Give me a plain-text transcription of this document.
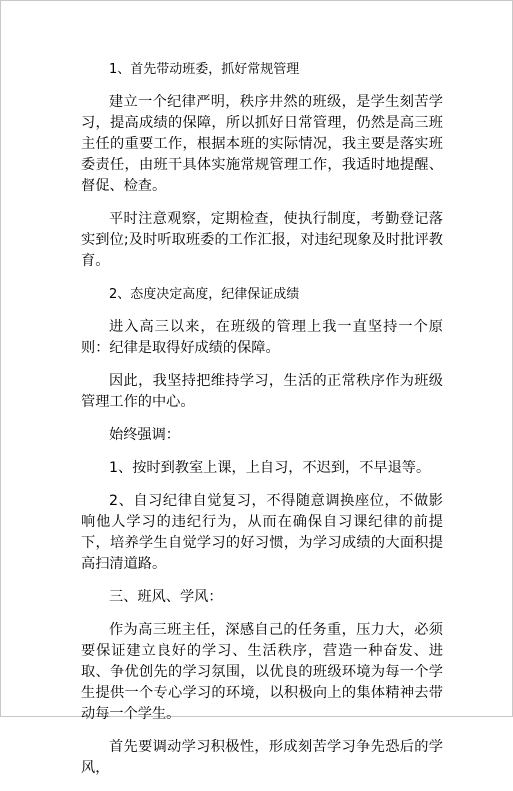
1、首先带动班委，抓好常规管理

建立一个纪律严明，秩序井然的班级，是学生刻苦学习，提高成绩的保障，所以抓好日常管理，仍然是高三班主任的重要工作，根据本班的实际情况，我主要是落实班委责任，由班干具体实施常规管理工作，我适时地提醒、督促、检查。

平时注意观察，定期检查，使执行制度，考勤登记落实到位;及时听取班委的工作汇报，对违纪现象及时批评教育。

2、态度决定高度，纪律保证成绩

进入高三以来，在班级的管理上我一直坚持一个原则：纪律是取得好成绩的保障。

因此，我坚持把维持学习，生活的正常秩序作为班级管理工作的中心。

始终强调：

1、按时到教室上课，上自习，不迟到，不早退等。

2、自习纪律自觉复习，不得随意调换座位，不做影响他人学习的违纪行为，从而在确保自习课纪律的前提下，培养学生自觉学习的好习惯，为学习成绩的大面积提高扫清道路。

三、班风、学风：

作为高三班主任，深感自己的任务重，压力大，必须要保证建立良好的学习、生活秩序，营造一种奋发、进取、争优创先的学习氛围，以优良的班级环境为每一个学生提供一个专心学习的环境，以积极向上的集体精神去带动每一个学生。

首先要调动学习积极性，形成刻苦学习争先恐后的学风，
